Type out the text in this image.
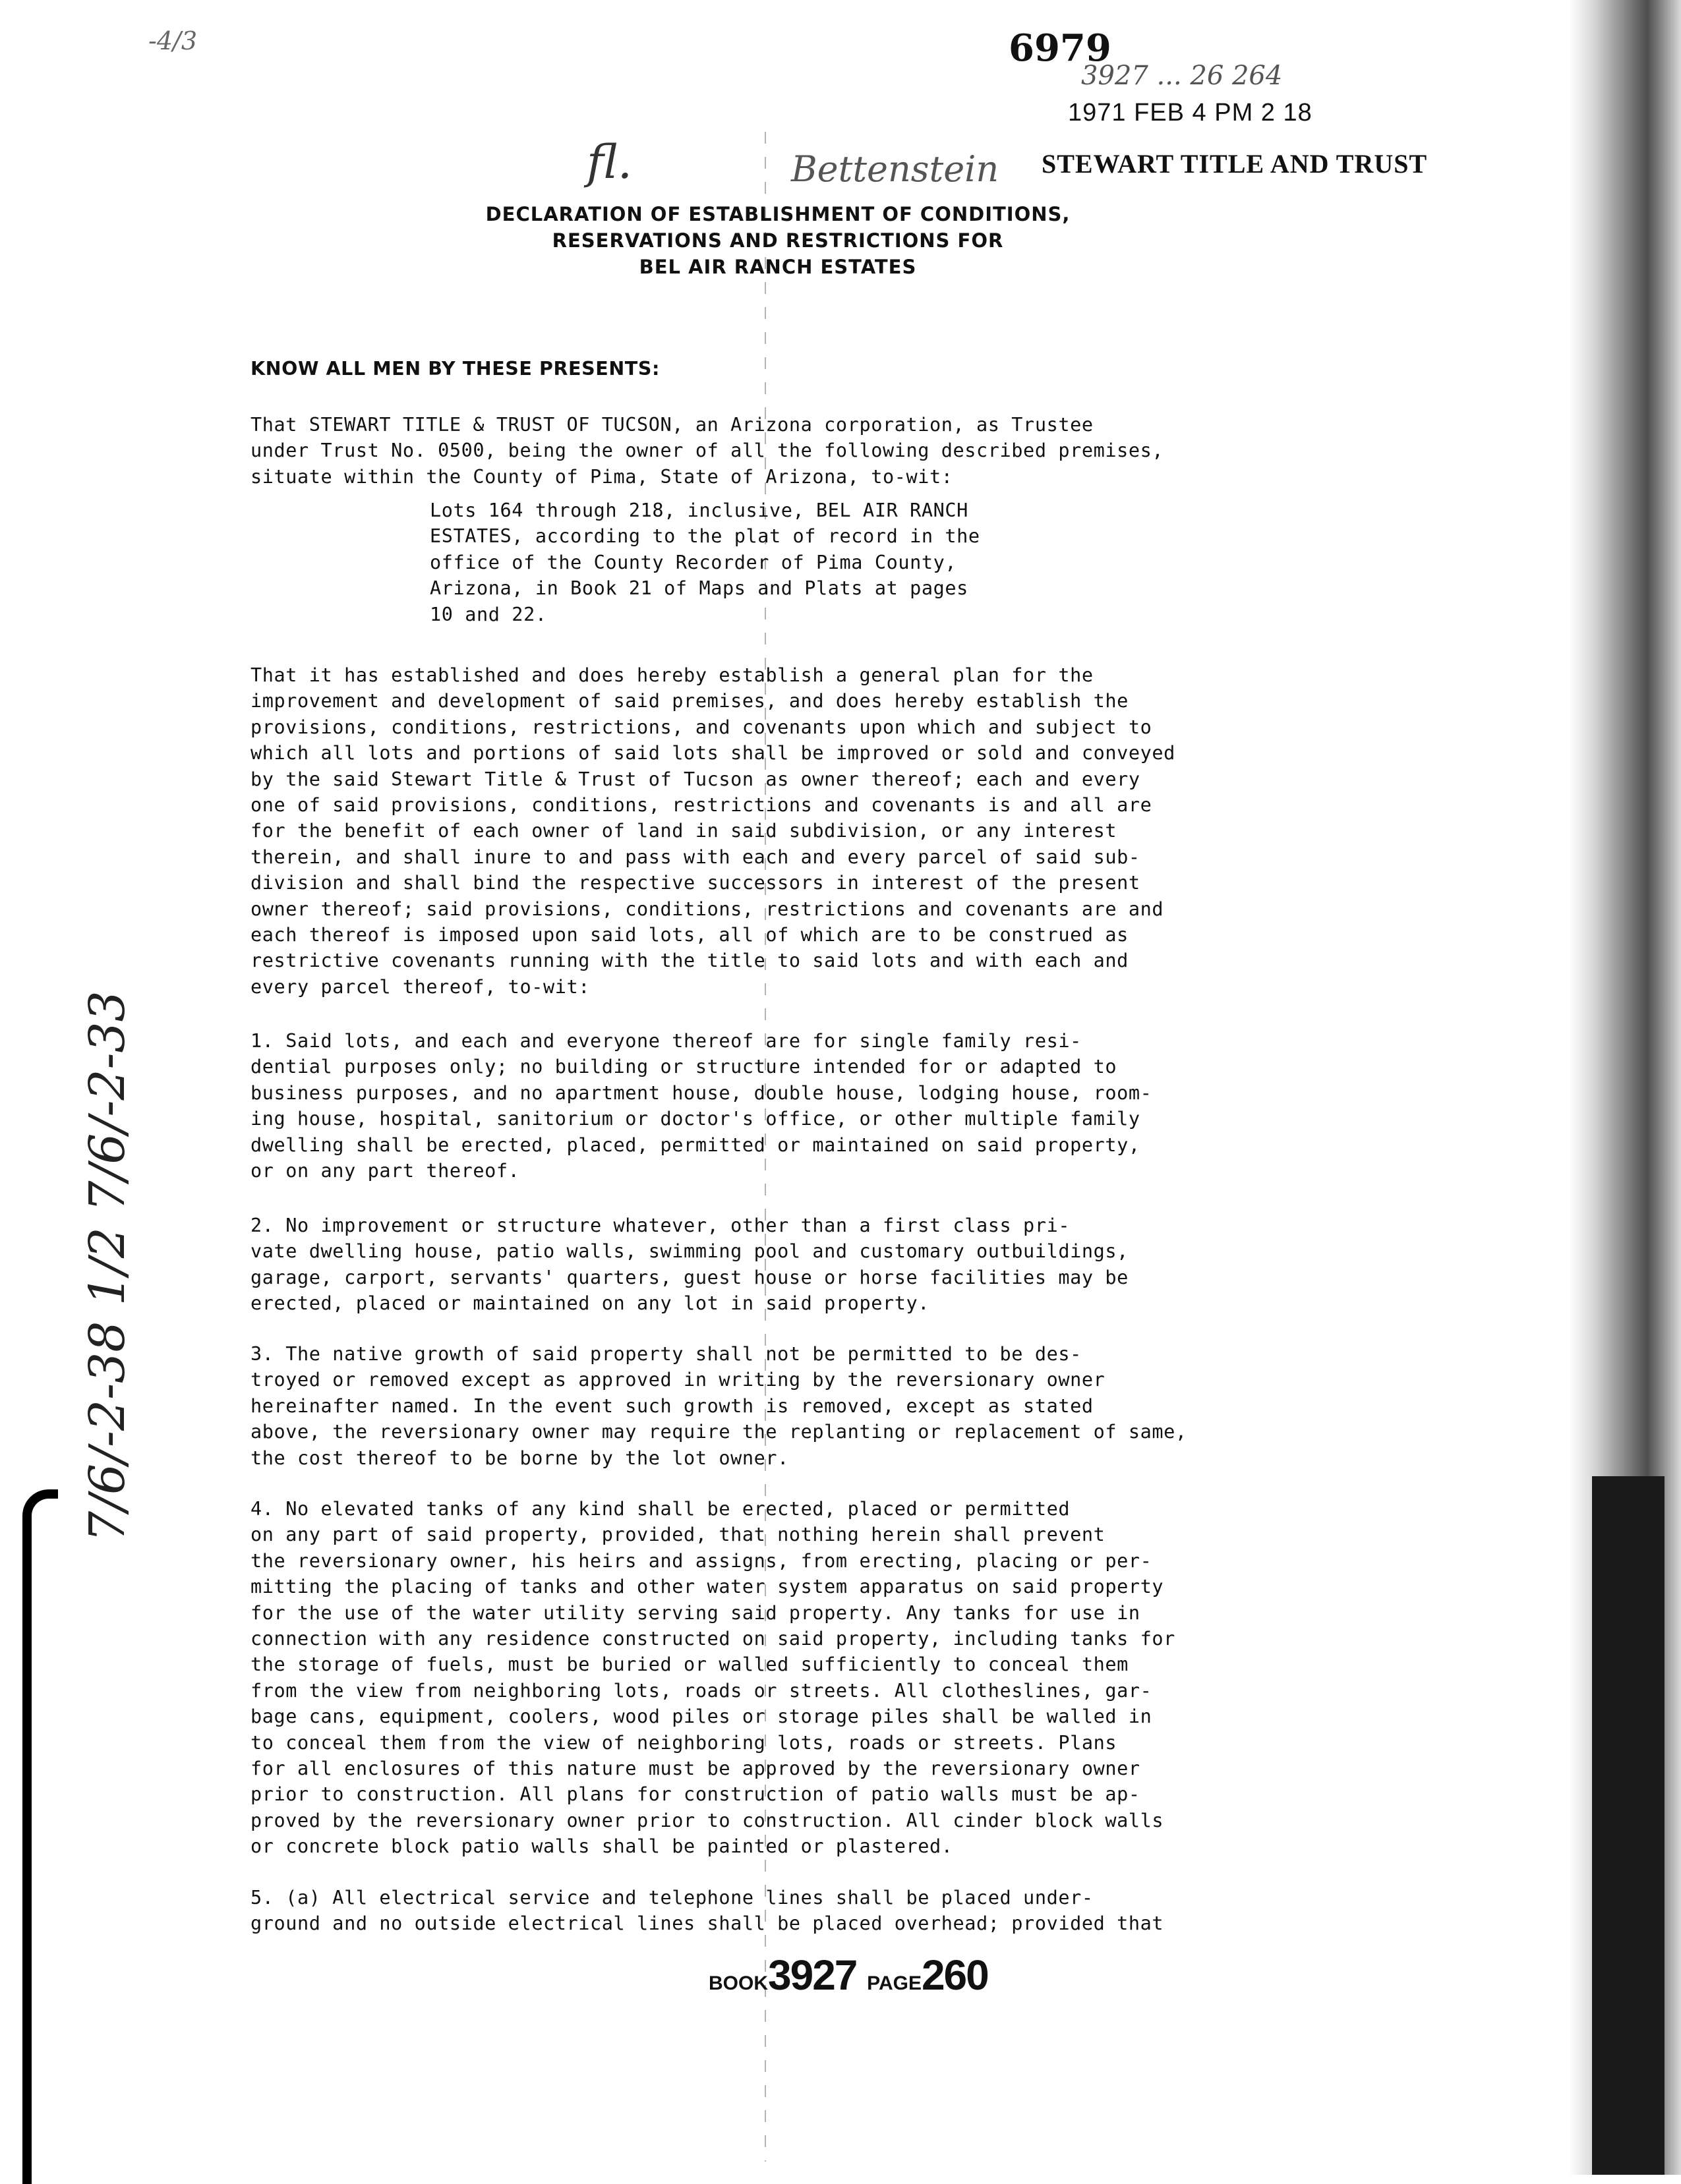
-4/3	6979
3927 ... 26 264
1971 FEB 4 PM 2 18
STEWART TITLE AND TRUST
fl.	Bettenstein
DECLARATION OF ESTABLISHMENT OF CONDITIONS,
RESERVATIONS AND RESTRICTIONS FOR
BEL AIR RANCH ESTATES
KNOW ALL MEN BY THESE PRESENTS:
That STEWART TITLE & TRUST OF TUCSON, an Arizona corporation, as Trustee
under Trust No. 0500, being the owner of all the following described premises,
situate within the County of Pima, State of Arizona, to-wit:
Lots 164 through 218, inclusive, BEL AIR RANCH
ESTATES, according to the plat of record in the
office of the County Recorder of Pima County,
Arizona, in Book 21 of Maps and Plats at pages
10 and 22.
That it has established and does hereby establish a general plan for the
improvement and development of said premises, and does hereby establish the
provisions, conditions, restrictions, and covenants upon which and subject to
which all lots and portions of said lots shall be improved or sold and conveyed
by the said Stewart Title & Trust of Tucson as owner thereof; each and every
one of said provisions, conditions, restrictions and covenants is and all are
for the benefit of each owner of land in said subdivision, or any interest
therein, and shall inure to and pass with each and every parcel of said sub-
division and shall bind the respective successors in interest of the present
owner thereof; said provisions, conditions, restrictions and covenants are and
each thereof is imposed upon said lots, all of which are to be construed as
restrictive covenants running with the title to said lots and with each and
every parcel thereof, to-wit:
1. Said lots, and each and everyone thereof are for single family resi-
dential purposes only; no building or structure intended for or adapted to
business purposes, and no apartment house, double house, lodging house, room-
ing house, hospital, sanitorium or doctor's office, or other multiple family
dwelling shall be erected, placed, permitted or maintained on said property,
or on any part thereof.
2. No improvement or structure whatever, other than a first class pri-
vate dwelling house, patio walls, swimming pool and customary outbuildings,
garage, carport, servants' quarters, guest house or horse facilities may be
erected, placed or maintained on any lot in said property.
3. The native growth of said property shall not be permitted to be des-
troyed or removed except as approved in writing by the reversionary owner
hereinafter named. In the event such growth is removed, except as stated
above, the reversionary owner may require the replanting or replacement of same,
the cost thereof to be borne by the lot owner.
4. No elevated tanks of any kind shall be erected, placed or permitted
on any part of said property, provided, that nothing herein shall prevent
the reversionary owner, his heirs and assigns, from erecting, placing or per-
mitting the placing of tanks and other water system apparatus on said property
for the use of the water utility serving said property. Any tanks for use in
connection with any residence constructed on said property, including tanks for
the storage of fuels, must be buried or walled sufficiently to conceal them
from the view from neighboring lots, roads or streets. All clotheslines, gar-
bage cans, equipment, coolers, wood piles or storage piles shall be walled in
to conceal them from the view of neighboring lots, roads or streets. Plans
for all enclosures of this nature must be approved by the reversionary owner
prior to construction. All plans for construction of patio walls must be ap-
proved by the reversionary owner prior to construction. All cinder block walls
or concrete block patio walls shall be painted or plastered.
5. (a) All electrical service and telephone lines shall be placed under-
ground and no outside electrical lines shall be placed overhead; provided that
BOOK3927 PAGE260
7/6/-2-38 1/2 7/6/-2-33
